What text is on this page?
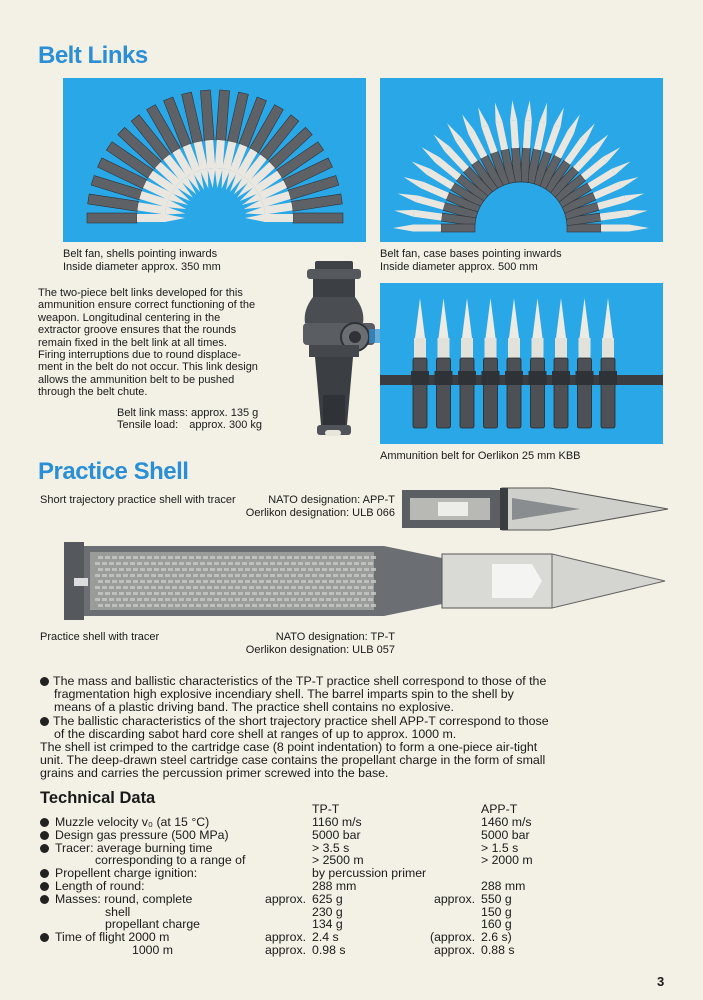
Belt Links
Belt fan, shells pointing inwards
Inside diameter approx. 350 mm
Belt fan, case bases pointing inwards
Inside diameter approx. 500 mm
The two-piece belt links developed for this
ammunition ensure correct functioning of the
weapon. Longitudinal centering in the
extractor groove ensures that the rounds
remain fixed in the belt link at all times.
Firing interruptions due to round displace-
ment in the belt do not occur. This link design
allows the ammunition belt to be pushed
through the belt chute.
Belt link mass: approx. 135 g
Tensile load: approx. 300 kg
Ammunition belt for Oerlikon 25 mm KBB
Practice Shell
Short trajectory practice shell with tracer	NATO designation: APP-T
Oerlikon designation: ULB 066
Practice shell with tracer	NATO designation: TP-T
Oerlikon designation: ULB 057
The mass and ballistic characteristics of the TP-T practice shell correspond to those of the
fragmentation high explosive incendiary shell. The barrel imparts spin to the shell by
means of a plastic driving band. The practice shell contains no explosive.
The ballistic characteristics of the short trajectory practice shell APP-T correspond to those
of the discarding sabot hard core shell at ranges of up to approx. 1000 m.
The shell ist crimped to the cartridge case (8 point indentation) to form a one-piece air-tight
unit. The deep-drawn steel cartridge case contains the propellant charge in the form of small
grains and carries the percussion primer screwed into the base.
Technical Data
TP-T	APP-T
Muzzle velocity v₀ (at 15 °C)	1160 m/s	1460 m/s
Design gas pressure (500 MPa)	5000 bar	5000 bar
Tracer: average burning time	> 3.5 s	> 1.5 s
corresponding to a range of	> 2500 m	> 2000 m
Propellent charge ignition:	by percussion primer
Length of round:	288 mm	288 mm
Masses: round, complete	approx. 625 g	approx. 550 g
shell	230 g	150 g
propellant charge	134 g	160 g
Time of flight 2000 m	approx. 2.4 s	(approx. 2.6 s)
1000 m	approx. 0.98 s	approx. 0.88 s
3
